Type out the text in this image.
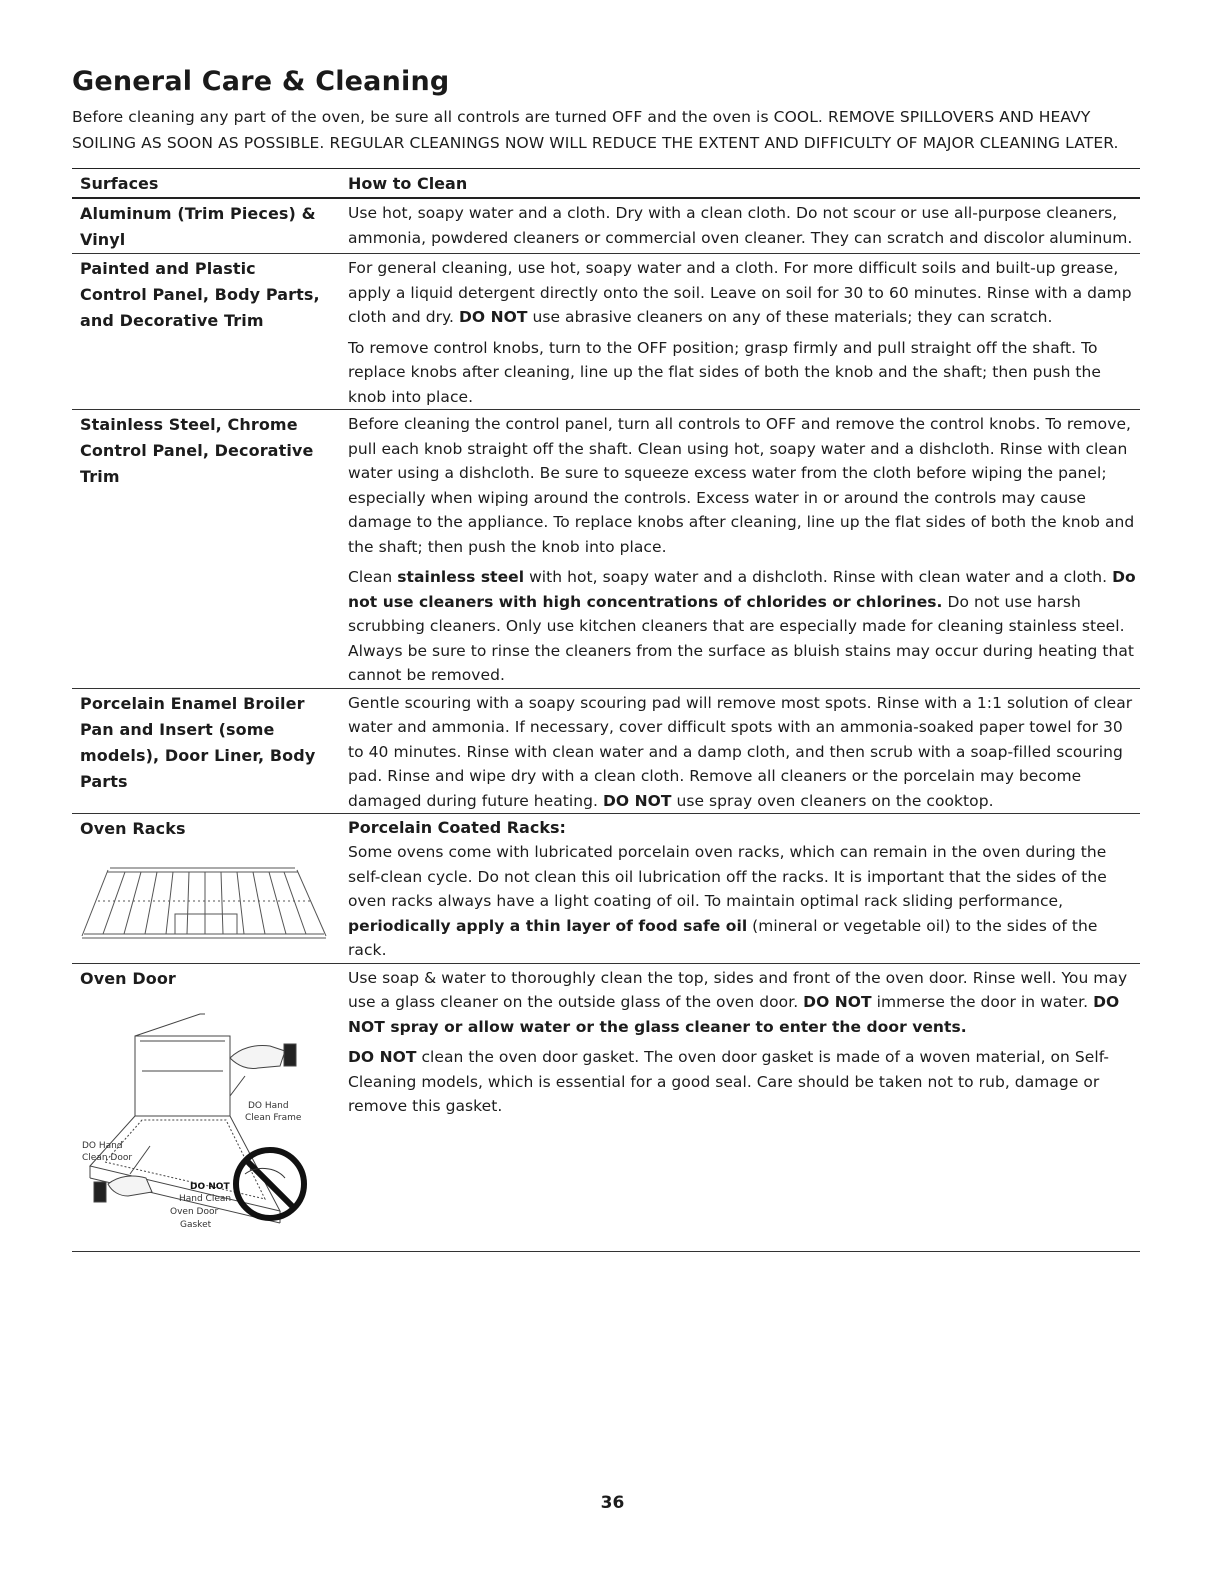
General Care & Cleaning

Before cleaning any part of the oven, be sure all controls are turned OFF and the oven is COOL. REMOVE SPILLOVERS AND HEAVY SOILING AS SOON AS POSSIBLE. REGULAR CLEANINGS NOW WILL REDUCE THE EXTENT AND DIFFICULTY OF MAJOR CLEANING LATER.

Surfaces	How to Clean
Aluminum (Trim Pieces) & Vinyl

Use hot, soapy water and a cloth. Dry with a clean cloth. Do not scour or use all-purpose cleaners, ammonia, powdered cleaners or commercial oven cleaner. They can scratch and discolor aluminum.

Painted and Plastic Control Panel, Body Parts, and Decorative Trim

For general cleaning, use hot, soapy water and a cloth. For more difficult soils and built-up grease, apply a liquid detergent directly onto the soil. Leave on soil for 30 to 60 minutes. Rinse with a damp cloth and dry. DO NOT use abrasive cleaners on any of these materials; they can scratch.

To remove control knobs, turn to the OFF position; grasp firmly and pull straight off the shaft. To replace knobs after cleaning, line up the flat sides of both the knob and the shaft; then push the knob into place.

Stainless Steel, Chrome Control Panel, Decorative Trim

Before cleaning the control panel, turn all controls to OFF and remove the control knobs. To remove, pull each knob straight off the shaft. Clean using hot, soapy water and a dishcloth. Rinse with clean water using a dishcloth. Be sure to squeeze excess water from the cloth before wiping the panel; especially when wiping around the controls. Excess water in or around the controls may cause damage to the appliance. To replace knobs after cleaning, line up the flat sides of both the knob and the shaft; then push the knob into place.

Clean stainless steel with hot, soapy water and a dishcloth. Rinse with clean water and a cloth. Do not use cleaners with high concentrations of chlorides or chlorines. Do not use harsh scrubbing cleaners. Only use kitchen cleaners that are especially made for cleaning stainless steel. Always be sure to rinse the cleaners from the surface as bluish stains may occur during heating that cannot be removed.

Porcelain Enamel Broiler Pan and Insert (some models), Door Liner, Body Parts

Gentle scouring with a soapy scouring pad will remove most spots. Rinse with a 1:1 solution of clear water and ammonia. If necessary, cover difficult spots with an ammonia-soaked paper towel for 30 to 40 minutes. Rinse with clean water and a damp cloth, and then scrub with a soap-filled scouring pad. Rinse and wipe dry with a clean cloth. Remove all cleaners or the porcelain may become damaged during future heating. DO NOT use spray oven cleaners on the cooktop.

Oven Racks	Porcelain Coated Racks:

Some ovens come with lubricated porcelain oven racks, which can remain in the oven during the self-clean cycle. Do not clean this oil lubrication off the racks. It is important that the sides of the oven racks always have a light coating of oil. To maintain optimal rack sliding performance, periodically apply a thin layer of food safe oil (mineral or vegetable oil) to the sides of the rack.

Oven Door
DO Hand
Clean Frame
DO Hand
Clean Door
DO NOT
Hand Clean
Oven Door
Gasket

Use soap & water to thoroughly clean the top, sides and front of the oven door. Rinse well. You may use a glass cleaner on the outside glass of the oven door. DO NOT immerse the door in water. DO NOT spray or allow water or the glass cleaner to enter the door vents.

DO NOT clean the oven door gasket. The oven door gasket is made of a woven material, on Self-Cleaning models, which is essential for a good seal. Care should be taken not to rub, damage or remove this gasket.

36
